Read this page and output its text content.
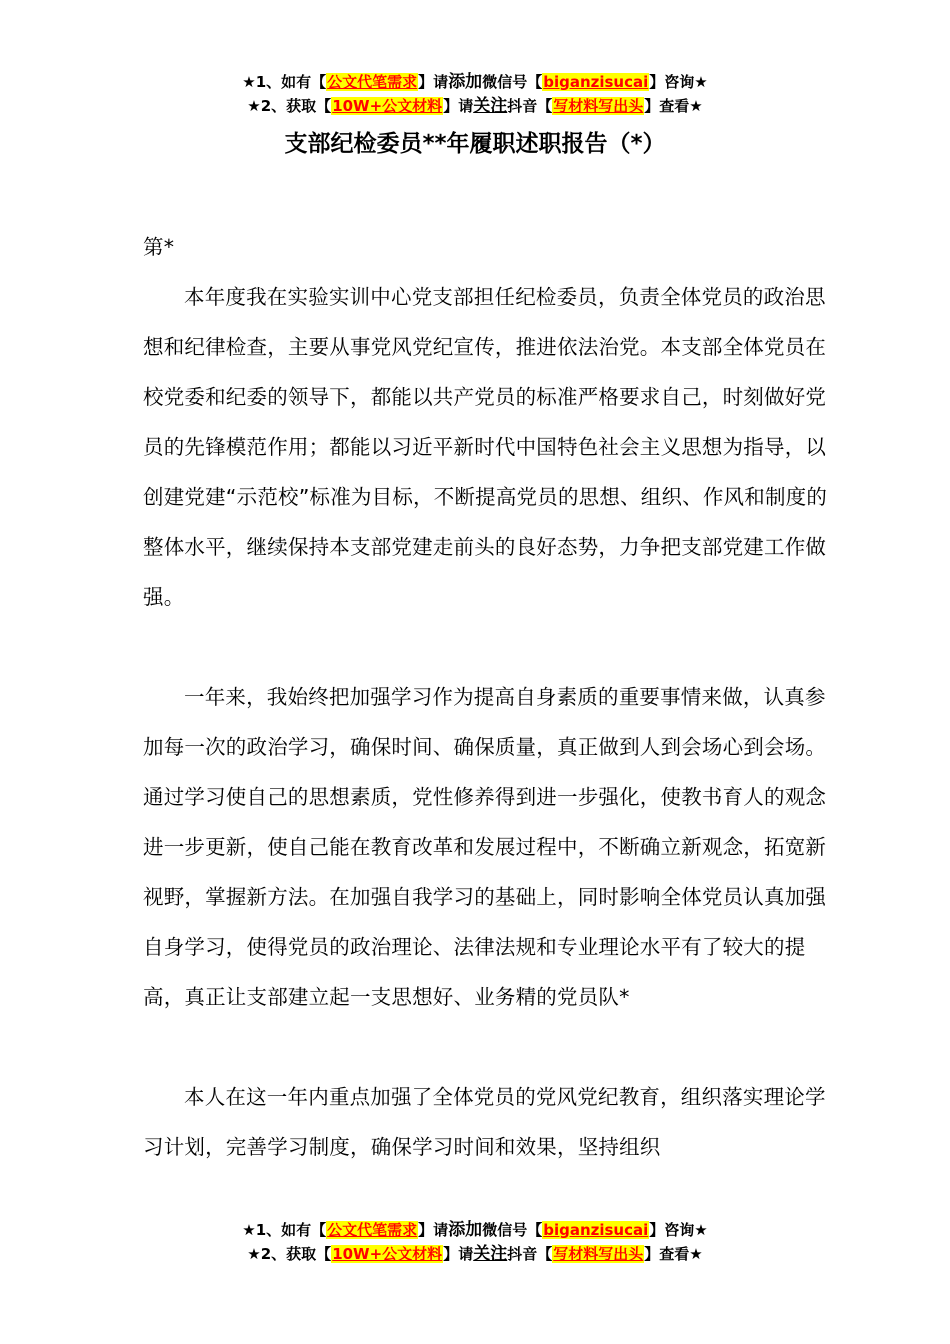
★1、如有【公文代笔需求】请添加微信号【biganzisucai】咨询★
★2、获取【10W+公文材料】请关注抖音【写材料写出头】查看★
支部纪检委员**年履职述职报告（*）

第*

本年度我在实验实训中心党支部担任纪检委员，负责全体党员的政治思想和纪律检查，主要从事党风党纪宣传，推进依法治党。本支部全体党员在校党委和纪委的领导下，都能以共产党员的标准严格要求自己，时刻做好党员的先锋模范作用；都能以习近平新时代中国特色社会主义思想为指导，以创建党建“示范校”标准为目标，不断提高党员的思想、组织、作风和制度的整体水平，继续保持本支部党建走前头的良好态势，力争把支部党建工作做强。

一年来，我始终把加强学习作为提高自身素质的重要事情来做，认真参加每一次的政治学习，确保时间、确保质量，真正做到人到会场心到会场。通过学习使自己的思想素质，党性修养得到进一步强化，使教书育人的观念进一步更新，使自己能在教育改革和发展过程中，不断确立新观念，拓宽新视野，掌握新方法。在加强自我学习的基础上，同时影响全体党员认真加强自身学习，使得党员的政治理论、法律法规和专业理论水平有了较大的提高，真正让支部建立起一支思想好、业务精的党员队*

本人在这一年内重点加强了全体党员的党风党纪教育，组织落实理论学习计划，完善学习制度，确保学习时间和效果，坚持组织

★1、如有【公文代笔需求】请添加微信号【biganzisucai】咨询★
★2、获取【10W+公文材料】请关注抖音【写材料写出头】查看★
